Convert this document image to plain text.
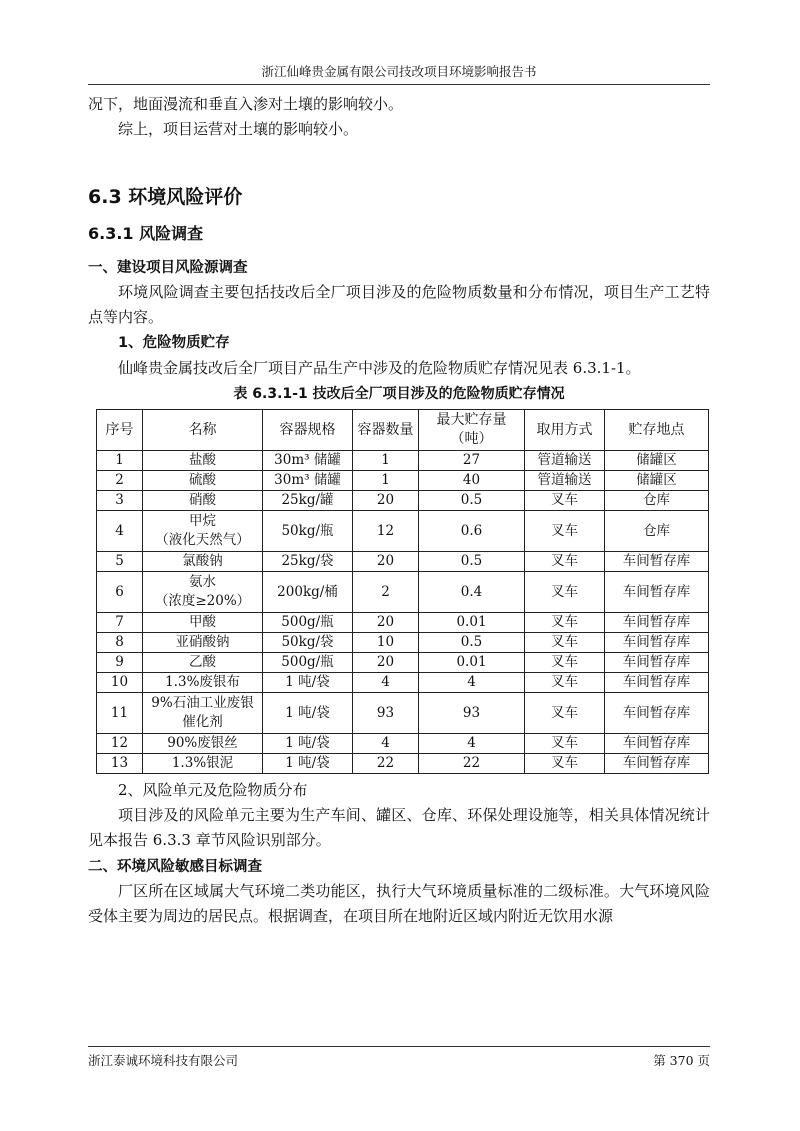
浙江仙峰贵金属有限公司技改项目环境影响报告书

况下，地面漫流和垂直入渗对土壤的影响较小。

综上，项目运营对土壤的影响较小。

6.3 环境风险评价
6.3.1 风险调查
一、建设项目风险源调查

环境风险调查主要包括技改后全厂项目涉及的危险物质数量和分布情况，项目生产工艺特点等内容。

1、危险物质贮存

仙峰贵金属技改后全厂项目产品生产中涉及的危险物质贮存情况见表 6.3.1-1。

表 6.3.1-1 技改后全厂项目涉及的危险物质贮存情况
序号	名称	容器规格	容器数量	最大贮存量
（吨）	取用方式	贮存地点
1	盐酸	30m³ 储罐	1	27	管道输送	储罐区
2	硫酸	30m³ 储罐	1	40	管道输送	储罐区
3	硝酸	25kg/罐	20	0.5	叉车	仓库
4	甲烷
（液化天然气）	50kg/瓶	12	0.6	叉车	仓库
5	氯酸钠	25kg/袋	20	0.5	叉车	车间暂存库
6	氨水
（浓度≥20%）	200kg/桶	2	0.4	叉车	车间暂存库
7	甲酸	500g/瓶	20	0.01	叉车	车间暂存库
8	亚硝酸钠	50kg/袋	10	0.5	叉车	车间暂存库
9	乙酸	500g/瓶	20	0.01	叉车	车间暂存库
10	1.3%废银布	1 吨/袋	4	4	叉车	车间暂存库
11	9%石油工业废银
催化剂	1 吨/袋	93	93	叉车	车间暂存库
12	90%废银丝	1 吨/袋	4	4	叉车	车间暂存库
13	1.3%银泥	1 吨/袋	22	22	叉车	车间暂存库

2、风险单元及危险物质分布

项目涉及的风险单元主要为生产车间、罐区、仓库、环保处理设施等，相关具体情况统计见本报告 6.3.3 章节风险识别部分。

二、环境风险敏感目标调查

厂区所在区域属大气环境二类功能区，执行大气环境质量标准的二级标准。大气环境风险受体主要为周边的居民点。根据调查，在项目所在地附近区域内附近无饮用水源

浙江泰诚环境科技有限公司	第 370 页
